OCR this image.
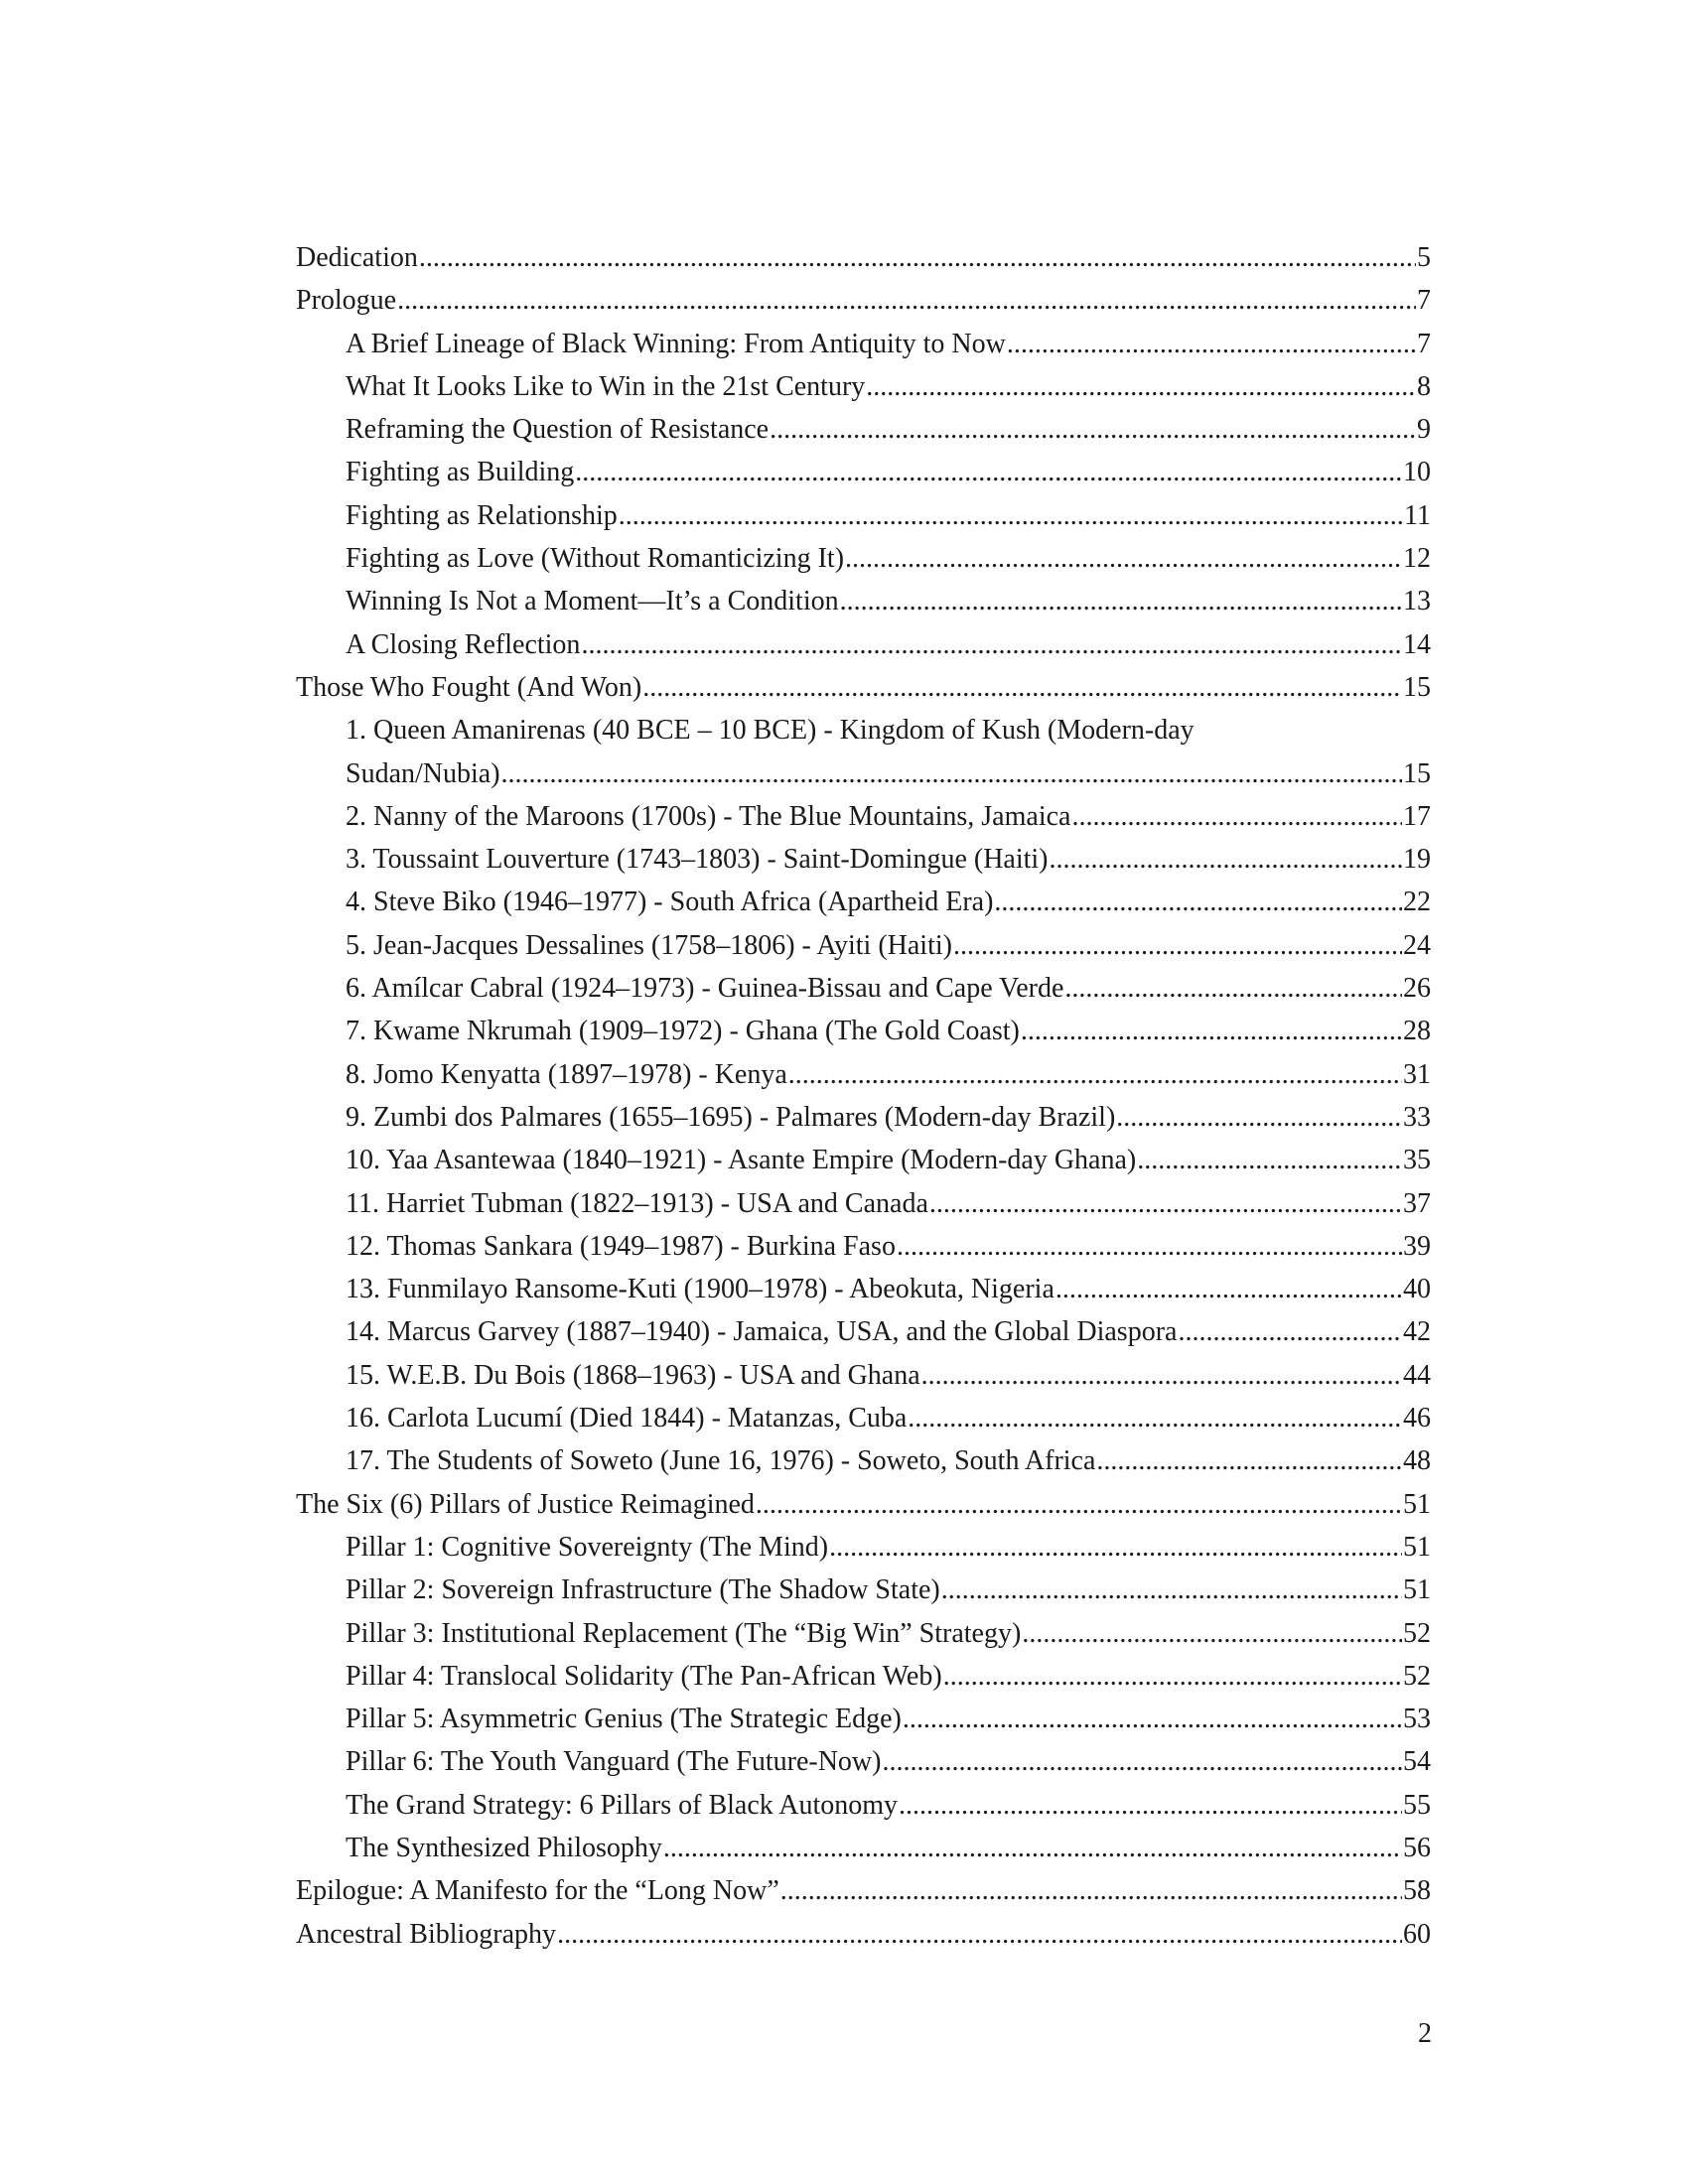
Dedication .....	5
Prologue .....	7
A Brief Lineage of Black Winning: From Antiquity to Now .....	7
What It Looks Like to Win in the 21st Century .....	8
Reframing the Question of Resistance .....	9
Fighting as Building .....	10
Fighting as Relationship .....	11
Fighting as Love (Without Romanticizing It) .....	12
Winning Is Not a Moment—It’s a Condition .....	13
A Closing Reflection .....	14
Those Who Fought (And Won) .....	15
1. Queen Amanirenas (40 BCE – 10 BCE) - Kingdom of Kush (Modern-day
Sudan/Nubia) .....	15
2. Nanny of the Maroons (1700s) - The Blue Mountains, Jamaica .....	17
3. Toussaint Louverture (1743–1803) - Saint-Domingue (Haiti) .....	19
4. Steve Biko (1946–1977) - South Africa (Apartheid Era) .....	22
5. Jean-Jacques Dessalines (1758–1806) - Ayiti (Haiti) .....	24
6. Amílcar Cabral (1924–1973) - Guinea-Bissau and Cape Verde .....	26
7. Kwame Nkrumah (1909–1972) - Ghana (The Gold Coast) .....	28
8. Jomo Kenyatta (1897–1978) - Kenya .....	31
9. Zumbi dos Palmares (1655–1695) - Palmares (Modern-day Brazil) .....	33
10. Yaa Asantewaa (1840–1921) - Asante Empire (Modern-day Ghana) .....	35
11. Harriet Tubman (1822–1913) - USA and Canada .....	37
12. Thomas Sankara (1949–1987) - Burkina Faso .....	39
13. Funmilayo Ransome-Kuti (1900–1978) - Abeokuta, Nigeria .....	40
14. Marcus Garvey (1887–1940) - Jamaica, USA, and the Global Diaspora .....	42
15. W.E.B. Du Bois (1868–1963) - USA and Ghana .....	44
16. Carlota Lucumí (Died 1844) - Matanzas, Cuba .....	46
17. The Students of Soweto (June 16, 1976) - Soweto, South Africa .....	48
The Six (6) Pillars of Justice Reimagined .....	51
Pillar 1: Cognitive Sovereignty (The Mind) .....	51
Pillar 2: Sovereign Infrastructure (The Shadow State) .....	51
Pillar 3: Institutional Replacement (The “Big Win” Strategy) .....	52
Pillar 4: Translocal Solidarity (The Pan-African Web) .....	52
Pillar 5: Asymmetric Genius (The Strategic Edge) .....	53
Pillar 6: The Youth Vanguard (The Future-Now) .....	54
The Grand Strategy: 6 Pillars of Black Autonomy .....	55
The Synthesized Philosophy .....	56
Epilogue: A Manifesto for the “Long Now” .....	58
Ancestral Bibliography .....	60
2
